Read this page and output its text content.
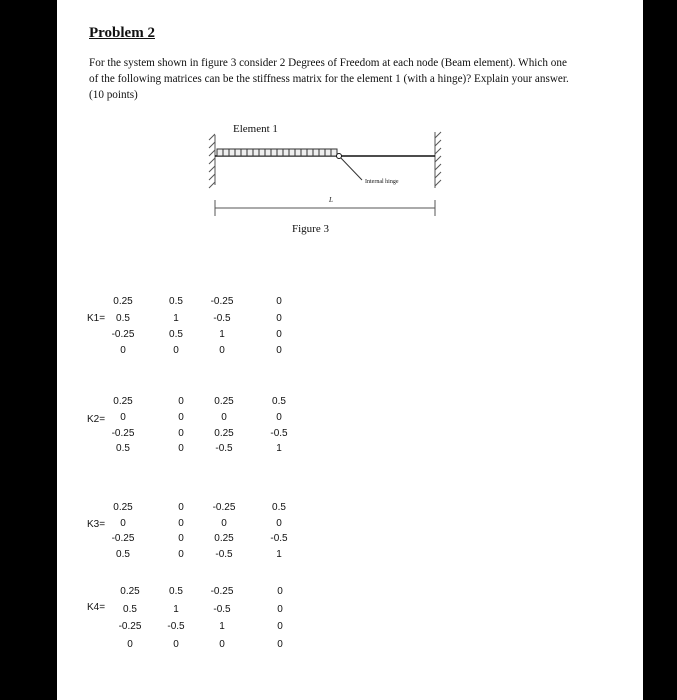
Problem 2
For the system shown in figure 3 consider 2 Degrees of Freedom at each node (Beam element). Which one of the following matrices can be the stiffness matrix for the element 1 (with a hinge)? Explain your answer. (10 points)
Element 1
Internal hinge
L
Figure 3
K1=
0.25	0.5	-0.25	0
0.5	1	-0.5	0
-0.25	0.5	1	0
0	0	0	0
K2=
0.25	0	0.25	0.5
0	0	0	0
-0.25	0	0.25	-0.5
0.5	0	-0.5	1
K3=
0.25	0	-0.25	0.5
0	0	0	0
-0.25	0	0.25	-0.5
0.5	0	-0.5	1
K4=
0.25	0.5	-0.25	0
0.5	1	-0.5	0
-0.25	-0.5	1	0
0	0	0	0
